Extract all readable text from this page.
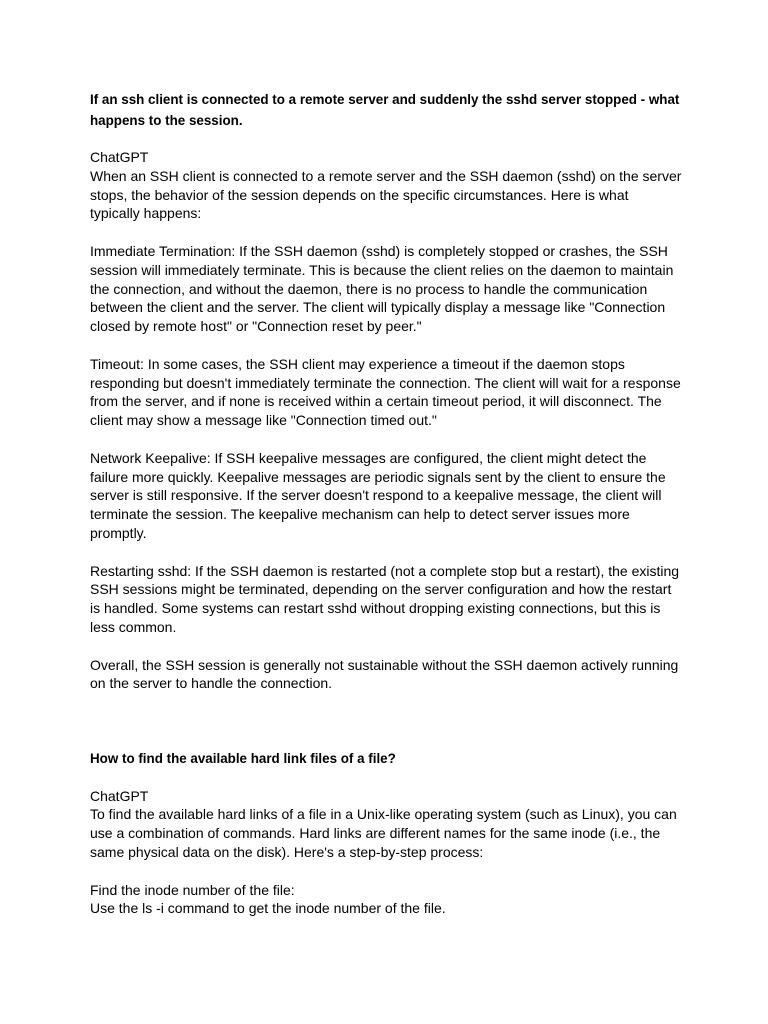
If an ssh client is connected to a remote server and suddenly the sshd server stopped - what happens to the session.

ChatGPT
When an SSH client is connected to a remote server and the SSH daemon (sshd) on the server stops, the behavior of the session depends on the specific circumstances. Here is what typically happens:

Immediate Termination: If the SSH daemon (sshd) is completely stopped or crashes, the SSH session will immediately terminate. This is because the client relies on the daemon to maintain the connection, and without the daemon, there is no process to handle the communication between the client and the server. The client will typically display a message like "Connection closed by remote host" or "Connection reset by peer."

Timeout: In some cases, the SSH client may experience a timeout if the daemon stops responding but doesn't immediately terminate the connection. The client will wait for a response from the server, and if none is received within a certain timeout period, it will disconnect. The client may show a message like "Connection timed out."

Network Keepalive: If SSH keepalive messages are configured, the client might detect the failure more quickly. Keepalive messages are periodic signals sent by the client to ensure the server is still responsive. If the server doesn't respond to a keepalive message, the client will terminate the session. The keepalive mechanism can help to detect server issues more promptly.

Restarting sshd: If the SSH daemon is restarted (not a complete stop but a restart), the existing SSH sessions might be terminated, depending on the server configuration and how the restart is handled. Some systems can restart sshd without dropping existing connections, but this is less common.

Overall, the SSH session is generally not sustainable without the SSH daemon actively running on the server to handle the connection.

How to find the available hard link files of a file?

ChatGPT
To find the available hard links of a file in a Unix-like operating system (such as Linux), you can use a combination of commands. Hard links are different names for the same inode (i.e., the same physical data on the disk). Here's a step-by-step process:
Find the inode number of the file:
Use the ls -i command to get the inode number of the file.
